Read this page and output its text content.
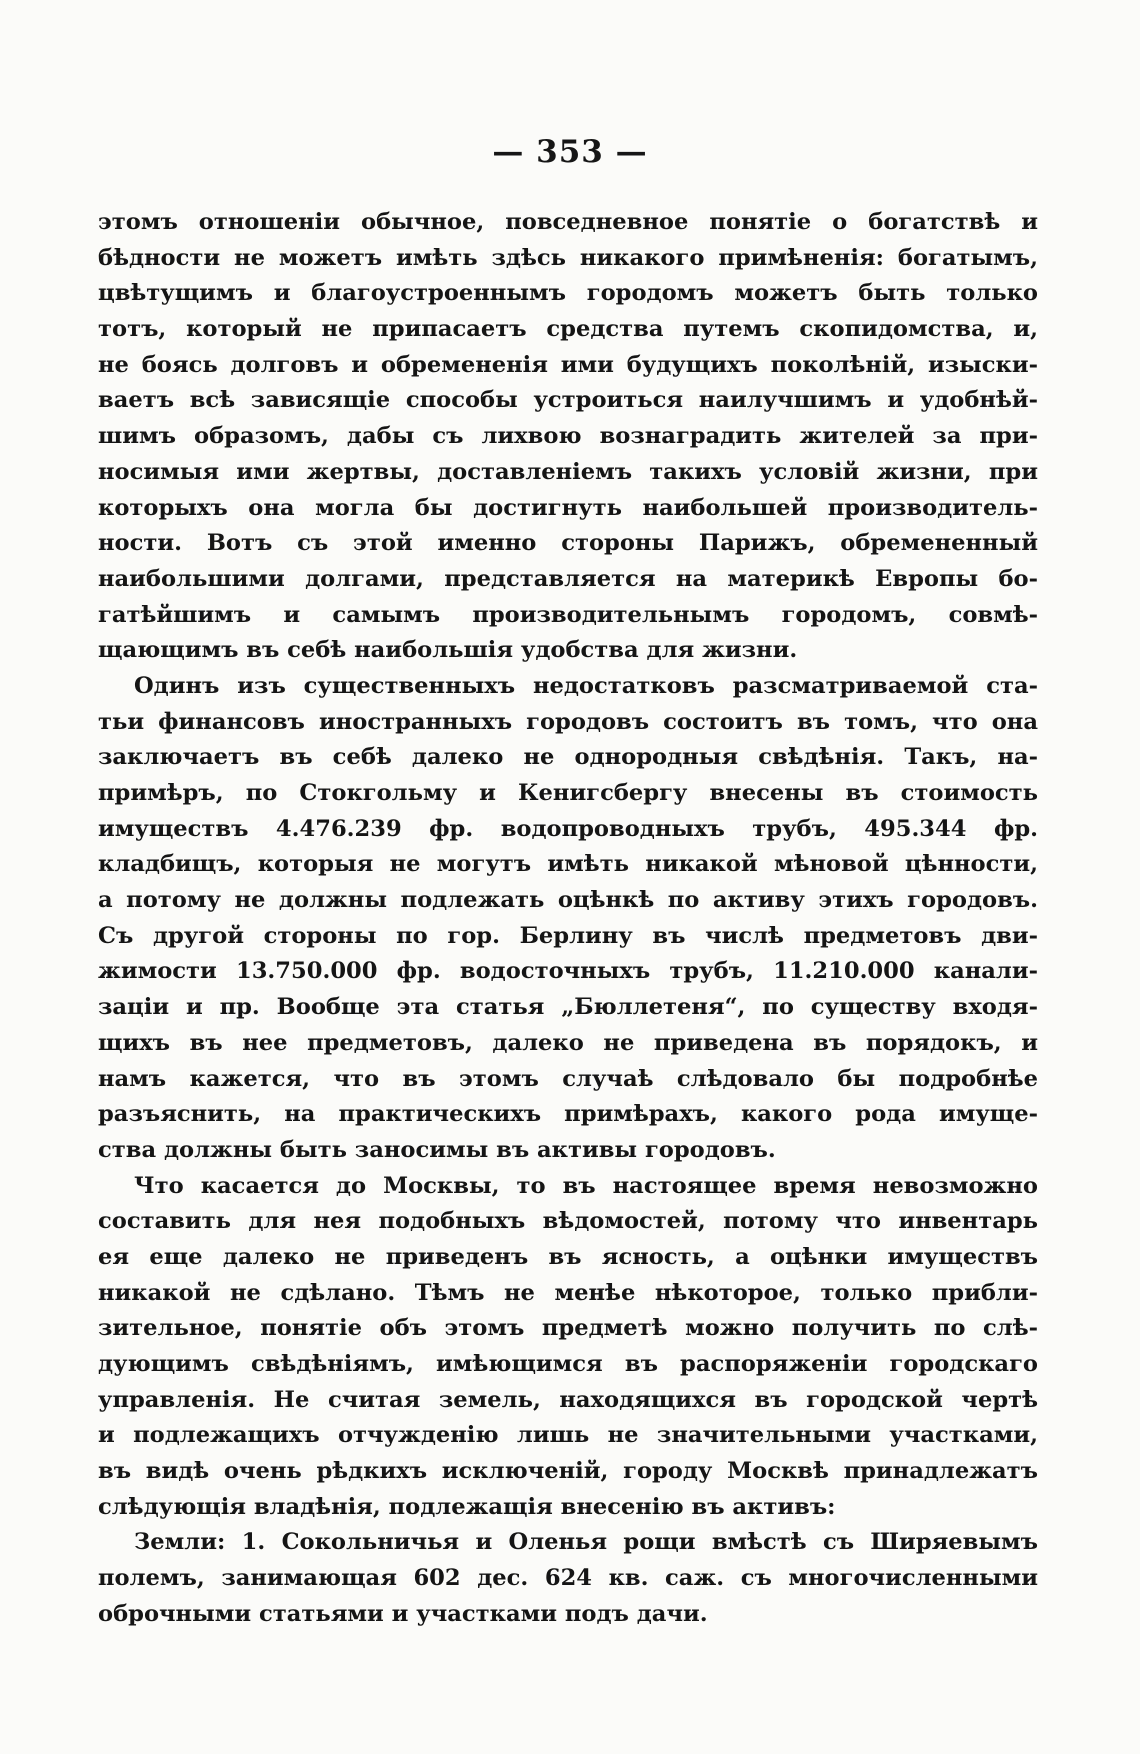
— 353 —
этомъ отношеніи обычное, повседневное понятіе о богатствѣ и
бѣдности не можетъ имѣть здѣсь никакого примѣненія: богатымъ,
цвѣтущимъ и благоустроеннымъ городомъ можетъ быть только
тотъ, который не припасаетъ средства путемъ скопидомства, и,
не боясь долговъ и обремененія ими будущихъ поколѣній, изыски-
ваетъ всѣ зависящіе способы устроиться наилучшимъ и удобнѣй-
шимъ образомъ, дабы съ лихвою вознаградить жителей за при-
носимыя ими жертвы, доставленіемъ такихъ условій жизни, при
которыхъ она могла бы достигнуть наибольшей производитель-
ности. Вотъ съ этой именно стороны Парижъ, обремененный
наибольшими долгами, представляется на материкѣ Европы бо-
гатѣйшимъ и самымъ производительнымъ городомъ, совмѣ-
щающимъ въ себѣ наибольшія удобства для жизни.
Одинъ изъ существенныхъ недостатковъ разсматриваемой ста-
тьи финансовъ иностранныхъ городовъ состоитъ въ томъ, что она
заключаетъ въ себѣ далеко не однородныя свѣдѣнія. Такъ, на-
примѣръ, по Стокгольму и Кенигсбергу внесены въ стоимость
имуществъ 4.476.239 фр. водопроводныхъ трубъ, 495.344 фр.
кладбищъ, которыя не могутъ имѣть никакой мѣновой цѣнности,
а потому не должны подлежать оцѣнкѣ по активу этихъ городовъ.
Съ другой стороны по гор. Берлину въ числѣ предметовъ дви-
жимости 13.750.000 фр. водосточныхъ трубъ, 11.210.000 канали-
заціи и пр. Вообще эта статья „Бюллетеня“, по существу входя-
щихъ въ нее предметовъ, далеко не приведена въ порядокъ, и
намъ кажется, что въ этомъ случаѣ слѣдовало бы подробнѣе
разъяснить, на практическихъ примѣрахъ, какого рода имуще-
ства должны быть заносимы въ активы городовъ.
Что касается до Москвы, то въ настоящее время невозможно
составить для нея подобныхъ вѣдомостей, потому что инвентарь
ея еще далеко не приведенъ въ ясность, а оцѣнки имуществъ
никакой не сдѣлано. Тѣмъ не менѣе нѣкоторое, только прибли-
зительное, понятіе объ этомъ предметѣ можно получить по слѣ-
дующимъ свѣдѣніямъ, имѣющимся въ распоряженіи городскаго
управленія. Не считая земель, находящихся въ городской чертѣ
и подлежащихъ отчужденію лишь не значительными участками,
въ видѣ очень рѣдкихъ исключеній, городу Москвѣ принадлежатъ
слѣдующія владѣнія, подлежащія внесенію въ активъ:
Земли: 1. Сокольничья и Оленья рощи вмѣстѣ съ Ширяевымъ
полемъ, занимающая 602 дес. 624 кв. саж. съ многочисленными
оброчными статьями и участками подъ дачи.
